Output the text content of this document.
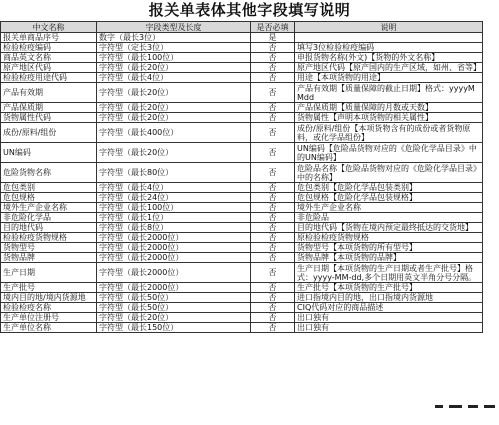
报关单表体其他字段填写说明
中文名称	字段类型及长度	是否必填	说明
报关单商品序号	数字（最长3位）	是	
检验检疫编码	字符型（定长3位）	否	填写3位检验检疫编码
商品英文名称	字符型（最长100位）	否	申报货物名称(外文)【货物的外文名称】
原产地区代码	字符型（最长20位）	否	原产地区代码【原产国内的生产区域，如州、省等】
检验检疫用途代码	字符型（最长4位）	否	用途【本项货物的用途】
产品有效期	字符型（最长20位）	否	产品有效期【质量保障的截止日期】格式：yyyyMMdd
产品保质期	字符型（最长20位）	否	产品保质期【质量保障的月数或天数】
货物属性代码	字符型（最长20位）	否	货物属性【声明本项货物的相关属性】
成份/原料/组份	字符型（最长400位）	否	成份/原料/组份【本项货物含有的成份或者货物原料，或化学品组份】
UN编码	字符型（最长20位）	否	UN编码【危险品货物对应的《危险化学品目录》中的UN编码】
危险货物名称	字符型（最长80位）	否	危险品名称【危险品货物对应的《危险化学品目录》中的名称】
危包类别	字符型（最长4位）	否	危包类别【危险化学品包装类别】
危包规格	字符型（最长24位）	否	危包规格【危险化学品包装规格】
境外生产企业名称	字符型（最长100位）	否	境外生产企业名称
非危险化学品	字符型（最长1位）	否	非危险品
目的地代码	字符型（最长8位）	否	目的地代码【货物在境内预定最终抵达的交货地】
检验检疫货物规格	字符型（最长2000位）	否	原检验检疫货物规格
货物型号	字符型（最长2000位）	否	货物型号【本项货物的所有型号】
货物品牌	字符型（最长2000位）	否	货物品牌【本项货物的品牌】
生产日期	字符型（最长2000位）	否	生产日期【本项货物的生产日期或者生产批号】格式：yyyy-MM-dd,多个日期用英文半角分号分隔。
生产批号	字符型（最长2000位）	否	生产批号【本项货物的生产批号】
境内目的地/境内货源地	字符型（最长50位）	否	进口指境内目的地，出口指境内货源地
检验检疫名称	字符型（最长50位）	否	CIQ代码对应的商品描述
生产单位注册号	字符型（最长20位）	否	出口独有
生产单位名称	字符型（最长150位）	否	出口独有
